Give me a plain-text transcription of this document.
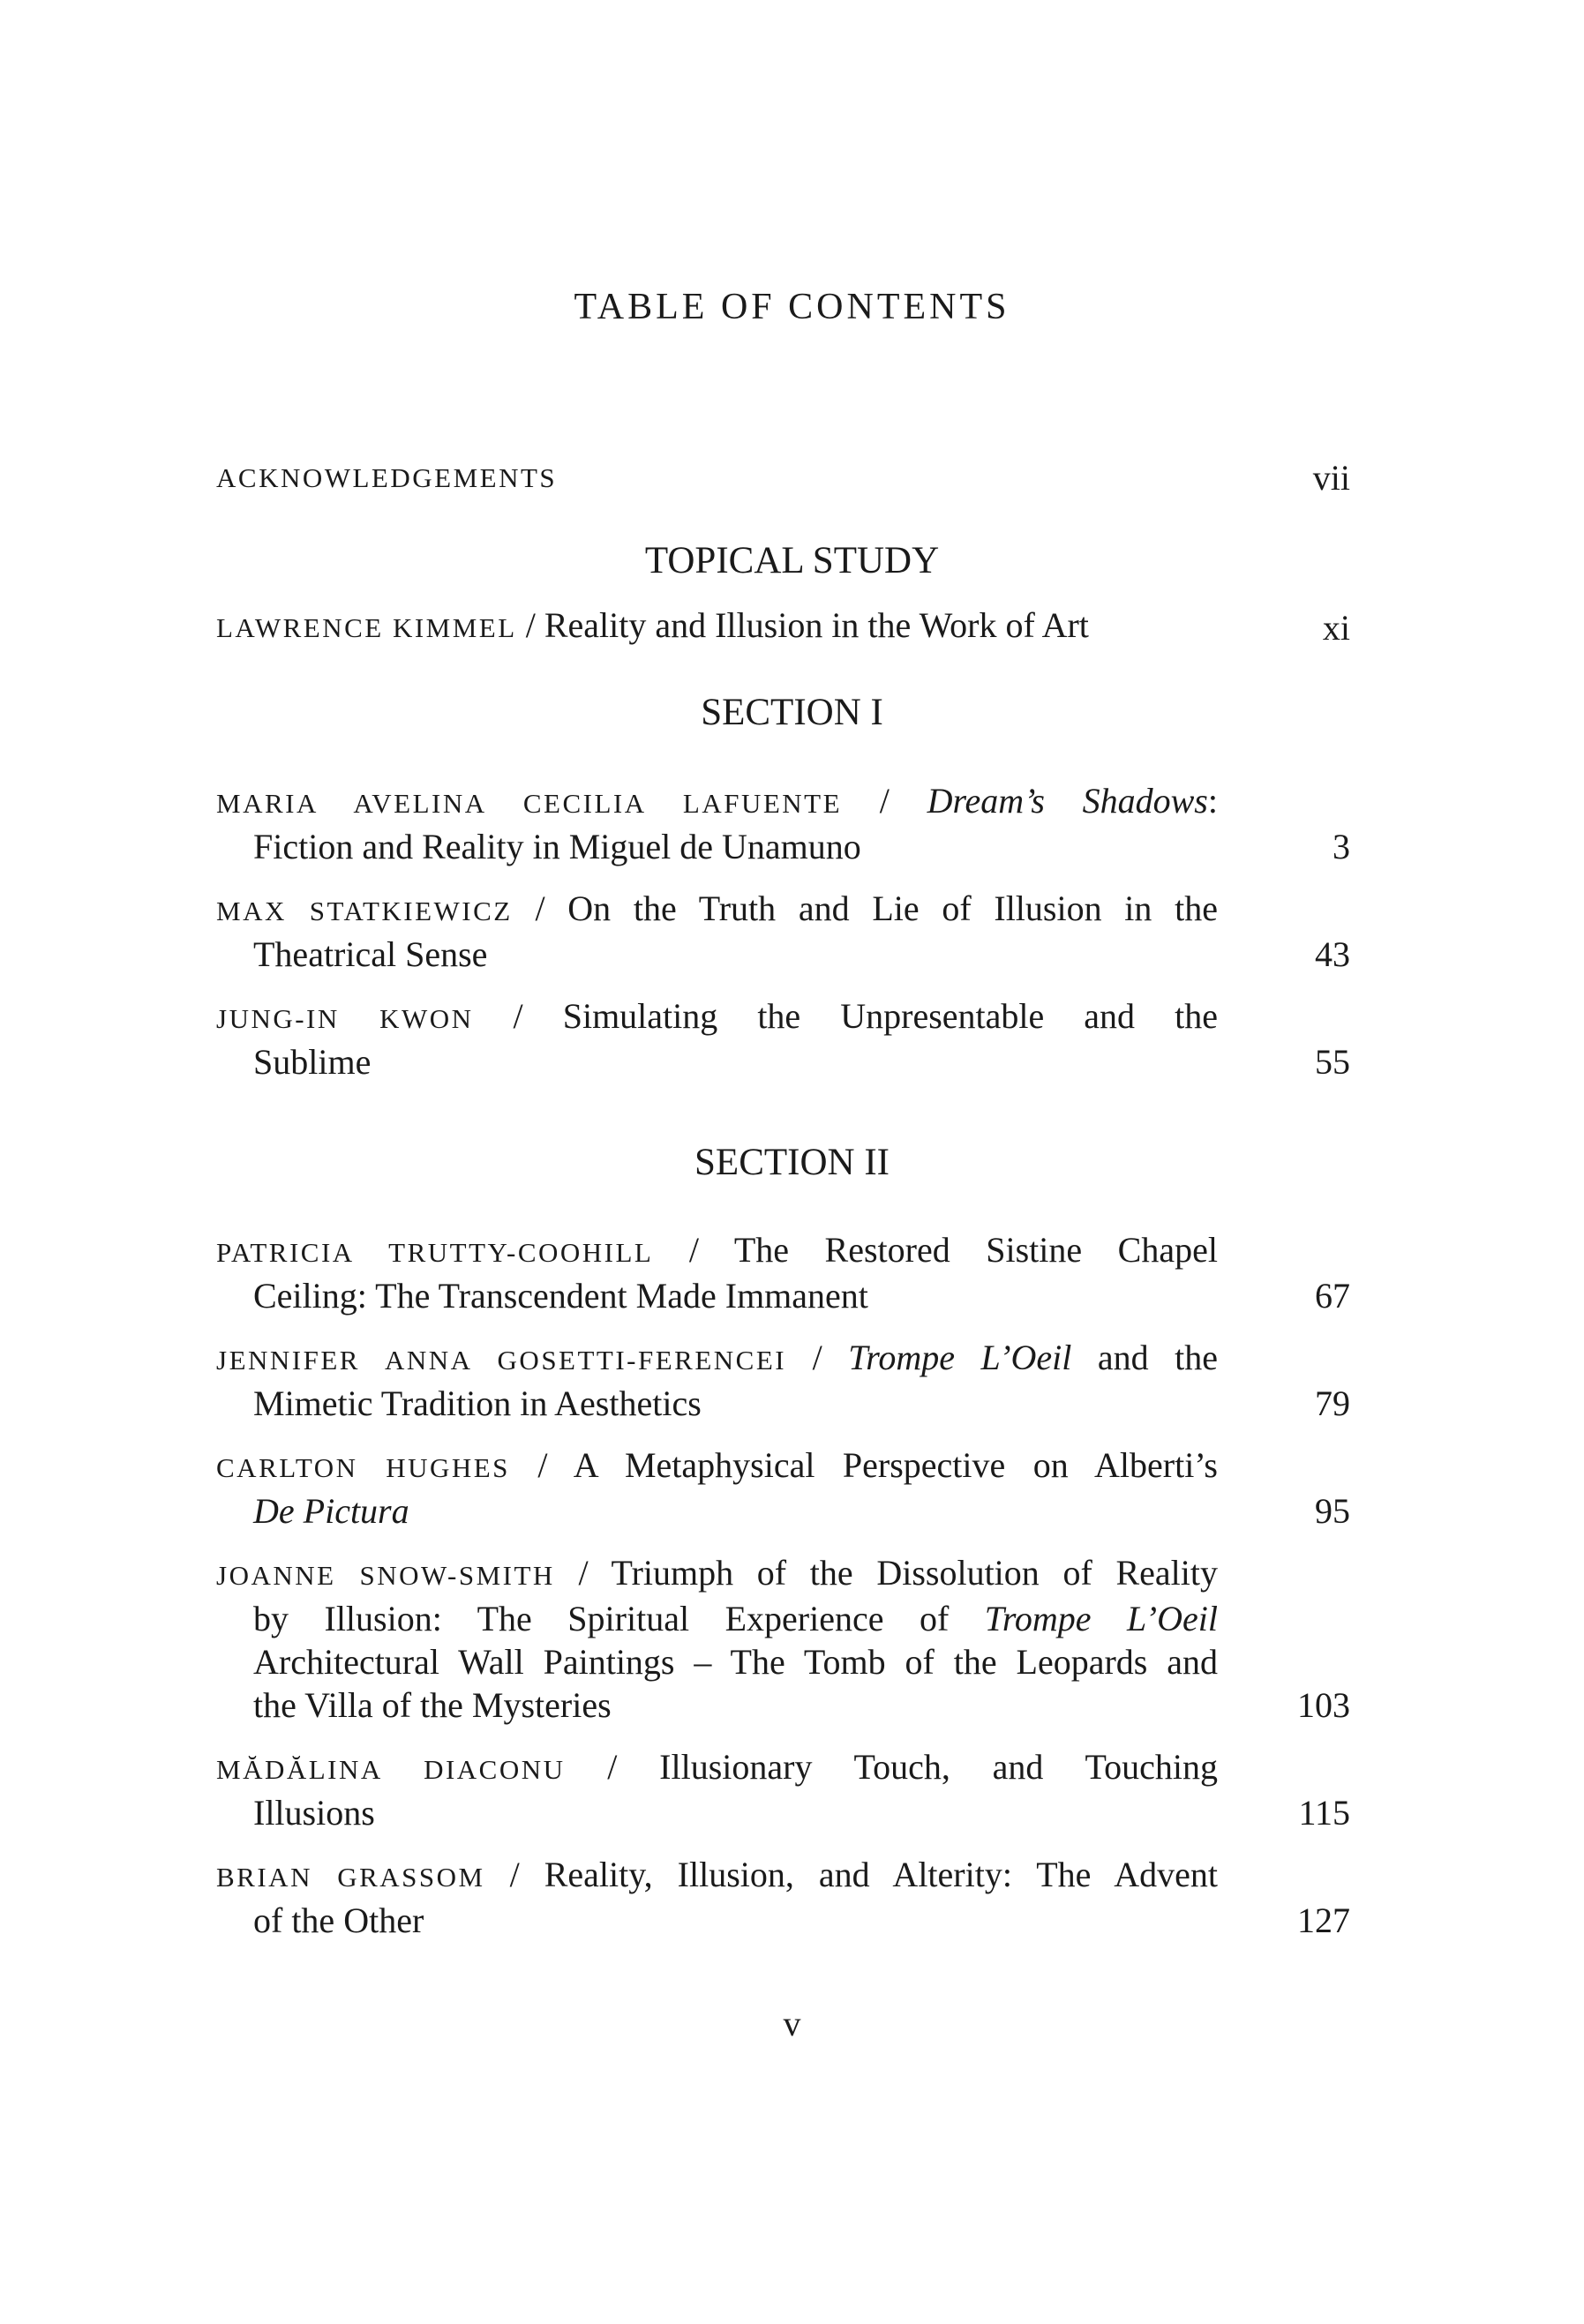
TABLE OF CONTENTS
ACKNOWLEDGEMENTS	vii
TOPICAL STUDY
LAWRENCE KIMMEL / Reality and Illusion in the Work of Art	xi
SECTION I
MARIA AVELINA CECILIA LAFUENTE / Dream’s Shadows:
Fiction and Reality in Miguel de Unamuno	3
MAX STATKIEWICZ / On the Truth and Lie of Illusion in the
Theatrical Sense	43
JUNG-IN KWON / Simulating the Unpresentable and the
Sublime	55
SECTION II
PATRICIA TRUTTY-COOHILL / The Restored Sistine Chapel
Ceiling: The Transcendent Made Immanent	67
JENNIFER ANNA GOSETTI-FERENCEI / Trompe L’Oeil and the
Mimetic Tradition in Aesthetics	79
CARLTON HUGHES / A Metaphysical Perspective on Alberti’s
De Pictura	95
JOANNE SNOW-SMITH / Triumph of the Dissolution of Reality
by Illusion: The Spiritual Experience of Trompe L’Oeil
Architectural Wall Paintings – The Tomb of the Leopards and
the Villa of the Mysteries	103
MĂDĂLINA DIACONU / Illusionary Touch, and Touching
Illusions	115
BRIAN GRASSOM / Reality, Illusion, and Alterity: The Advent
of the Other	127
v
